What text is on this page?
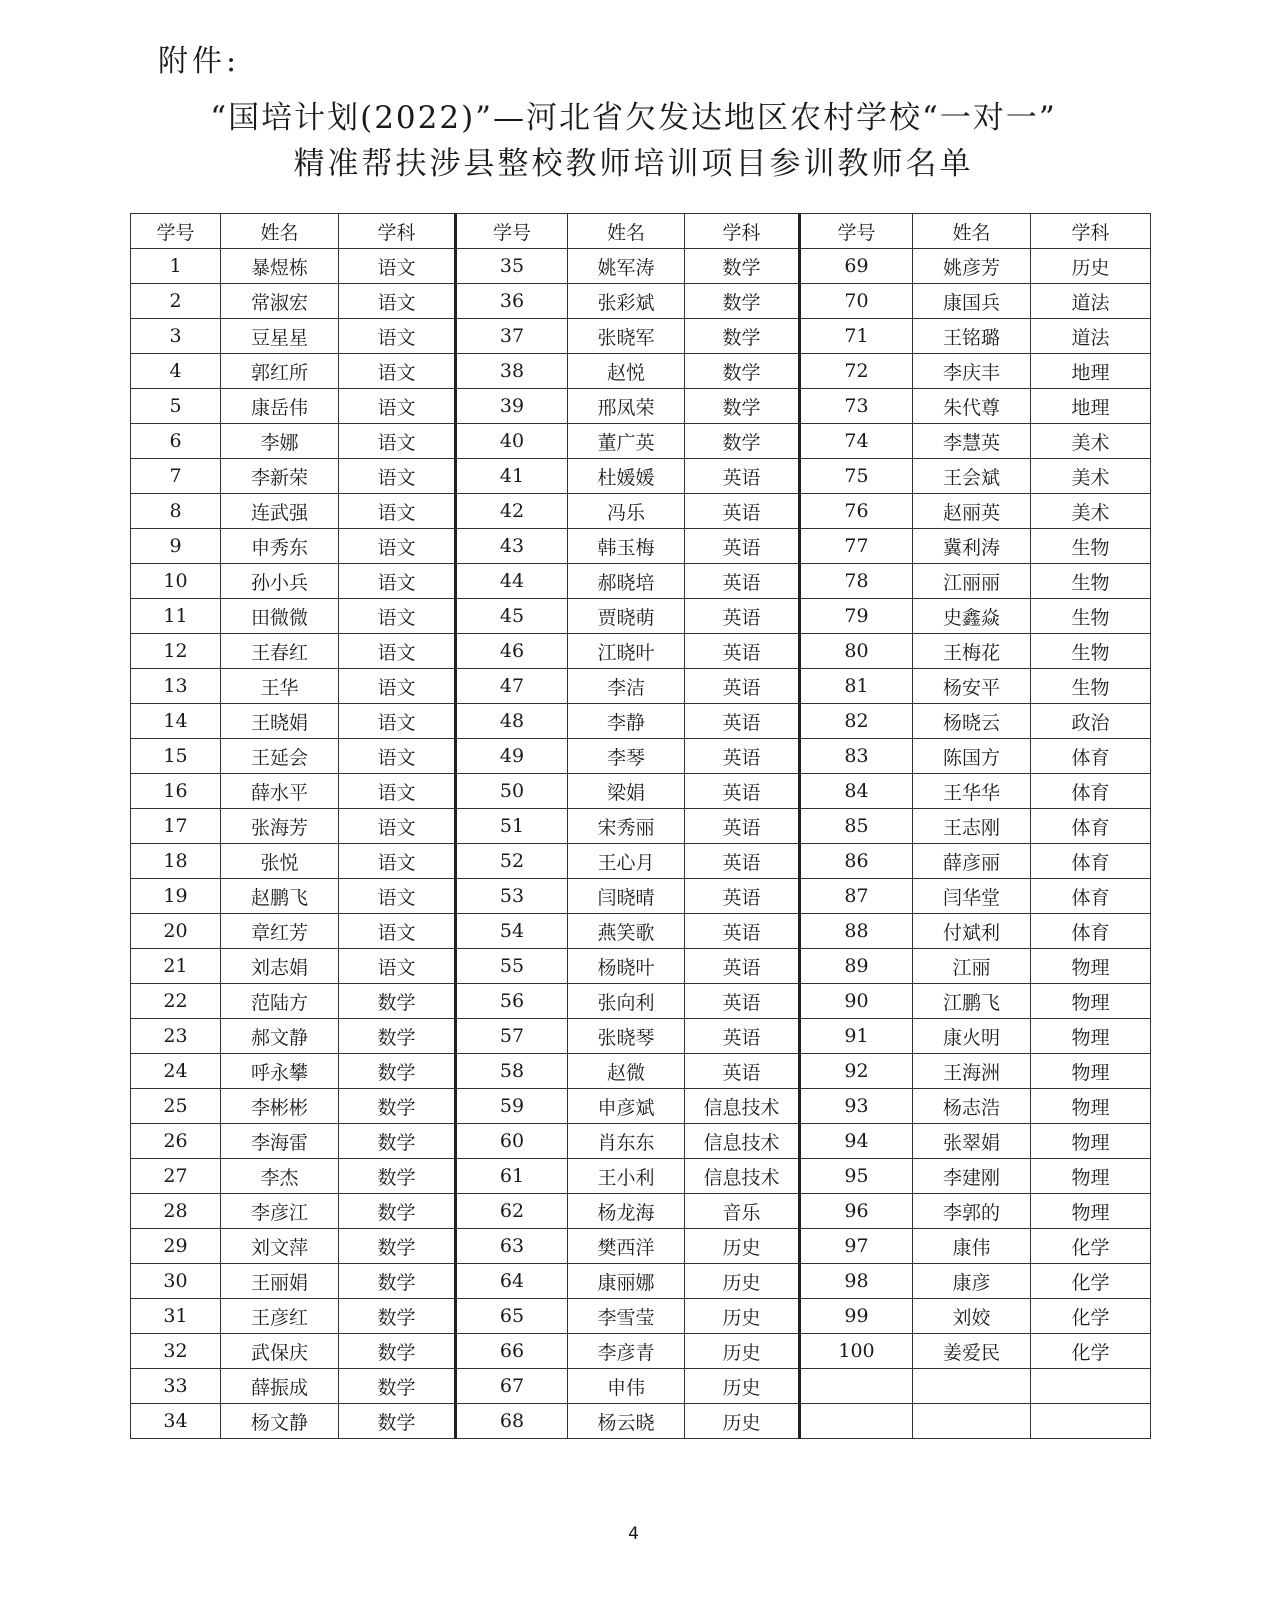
附件:
“国培计划(2022)”—河北省欠发达地区农村学校“一对一”
精准帮扶涉县整校教师培训项目参训教师名单
学号	姓名	学科	学号	姓名	学科	学号	姓名	学科
1	暴煜栋	语文	35	姚军涛	数学	69	姚彦芳	历史
2	常淑宏	语文	36	张彩斌	数学	70	康国兵	道法
3	豆星星	语文	37	张晓军	数学	71	王铭璐	道法
4	郭红所	语文	38	赵悦	数学	72	李庆丰	地理
5	康岳伟	语文	39	邢凤荣	数学	73	朱代尊	地理
6	李娜	语文	40	董广英	数学	74	李慧英	美术
7	李新荣	语文	41	杜媛媛	英语	75	王会斌	美术
8	连武强	语文	42	冯乐	英语	76	赵丽英	美术
9	申秀东	语文	43	韩玉梅	英语	77	冀利涛	生物
10	孙小兵	语文	44	郝晓培	英语	78	江丽丽	生物
11	田微微	语文	45	贾晓萌	英语	79	史鑫焱	生物
12	王春红	语文	46	江晓叶	英语	80	王梅花	生物
13	王华	语文	47	李洁	英语	81	杨安平	生物
14	王晓娟	语文	48	李静	英语	82	杨晓云	政治
15	王延会	语文	49	李琴	英语	83	陈国方	体育
16	薛水平	语文	50	梁娟	英语	84	王华华	体育
17	张海芳	语文	51	宋秀丽	英语	85	王志刚	体育
18	张悦	语文	52	王心月	英语	86	薛彦丽	体育
19	赵鹏飞	语文	53	闫晓晴	英语	87	闫华堂	体育
20	章红芳	语文	54	燕笑歌	英语	88	付斌利	体育
21	刘志娟	语文	55	杨晓叶	英语	89	江丽	物理
22	范陆方	数学	56	张向利	英语	90	江鹏飞	物理
23	郝文静	数学	57	张晓琴	英语	91	康火明	物理
24	呼永攀	数学	58	赵微	英语	92	王海洲	物理
25	李彬彬	数学	59	申彦斌	信息技术	93	杨志浩	物理
26	李海雷	数学	60	肖东东	信息技术	94	张翠娟	物理
27	李杰	数学	61	王小利	信息技术	95	李建刚	物理
28	李彦江	数学	62	杨龙海	音乐	96	李郭的	物理
29	刘文萍	数学	63	樊西洋	历史	97	康伟	化学
30	王丽娟	数学	64	康丽娜	历史	98	康彦	化学
31	王彦红	数学	65	李雪莹	历史	99	刘姣	化学
32	武保庆	数学	66	李彦青	历史	100	姜爱民	化学
33	薛振成	数学	67	申伟	历史			
34	杨文静	数学	68	杨云晓	历史			
4
